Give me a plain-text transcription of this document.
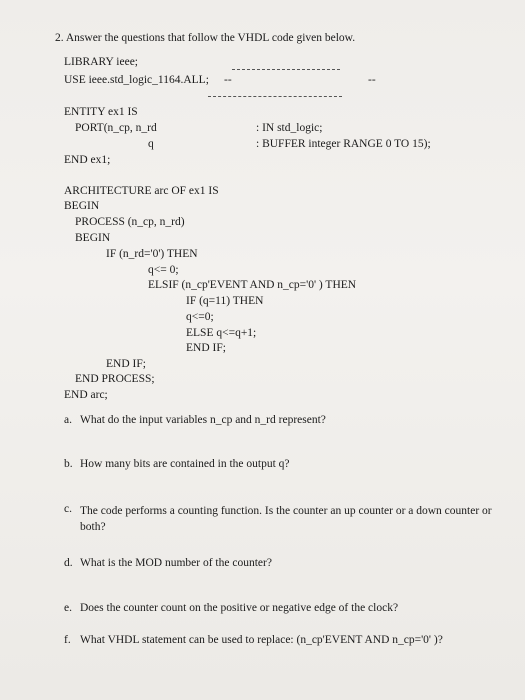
2. Answer the questions that follow the VHDL code given below.
LIBRARY ieee;
USE ieee.std_logic_1164.ALL; --	--
ENTITY ex1 IS
PORT(n_cp, n_rd	: IN std_logic;
q	: BUFFER integer RANGE 0 TO 15);
END ex1;
ARCHITECTURE arc OF ex1 IS
BEGIN
PROCESS (n_cp, n_rd)
BEGIN
IF (n_rd='0') THEN
q<= 0;
ELSIF (n_cp'EVENT AND n_cp='0' ) THEN
IF (q=11) THEN
q<=0;
ELSE q<=q+1;
END IF;
END IF;
END PROCESS;
END arc;
a. What do the input variables n_cp and n_rd represent?
b. How many bits are contained in the output q?
c. The code performs a counting function. Is the counter an up counter or a down counter or both?
d. What is the MOD number of the counter?
e. Does the counter count on the positive or negative edge of the clock?
f. What VHDL statement can be used to replace: (n_cp'EVENT AND n_cp='0' )?
